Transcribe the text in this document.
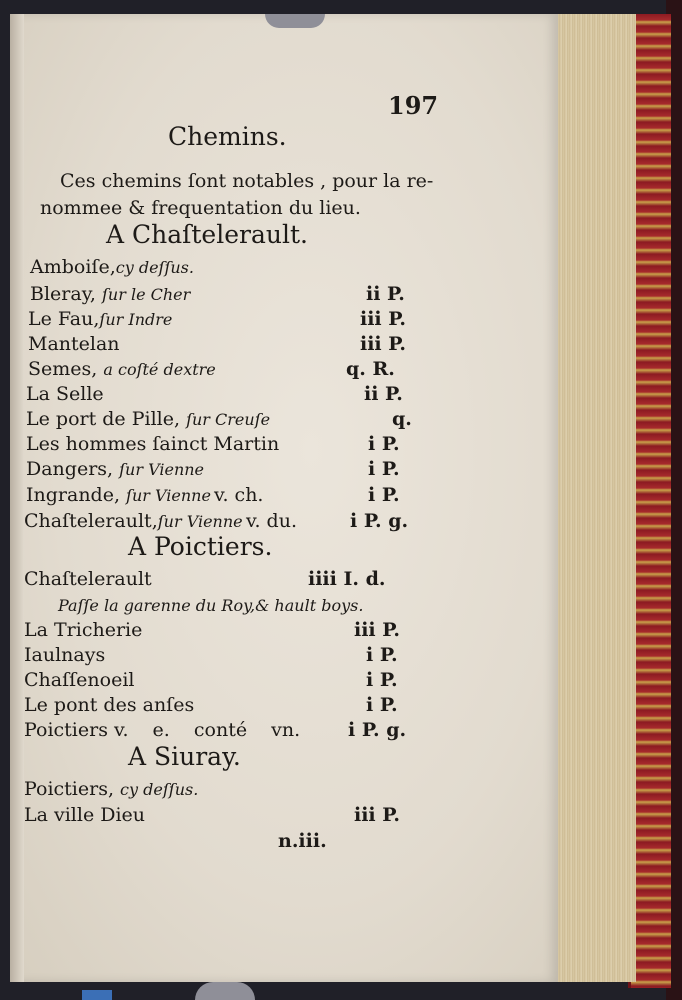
197
Chemins.
Ces chemins ſont notables , pour la re-
nommee & frequentation du lieu.
A Chaſtelerault.
Amboiſe,cy deſſus.
Bleray, ſur le Cher	ii P.
Le Fau,ſur Indre	iii P.
Mantelan	iii P.
Semes, a coſté dextre	q. R.
La Selle	ii P.
Le port de Pille, ſur Creuſe	q.
Les hommes ſainct Martin	i P.
Dangers, ſur Vienne	i P.
Ingrande, ſur Vienne v. ch.	i P.
Chaſtelerault,ſur Vienne v. du.	i P. g.
A Poictiers.
Chaſtelerault	iiii I. d.
Paſſe la garenne du Roy,& hault boys.
La Tricherie	iii P.
Iaulnays	i P.
Chaſſenoeil	i P.
Le pont des anſes	i P.
Poictiers v. e. conté vn.	i P. g.
A Siuray.
Poictiers, cy deſſus.
La ville Dieu	iii P.
n.iii.
